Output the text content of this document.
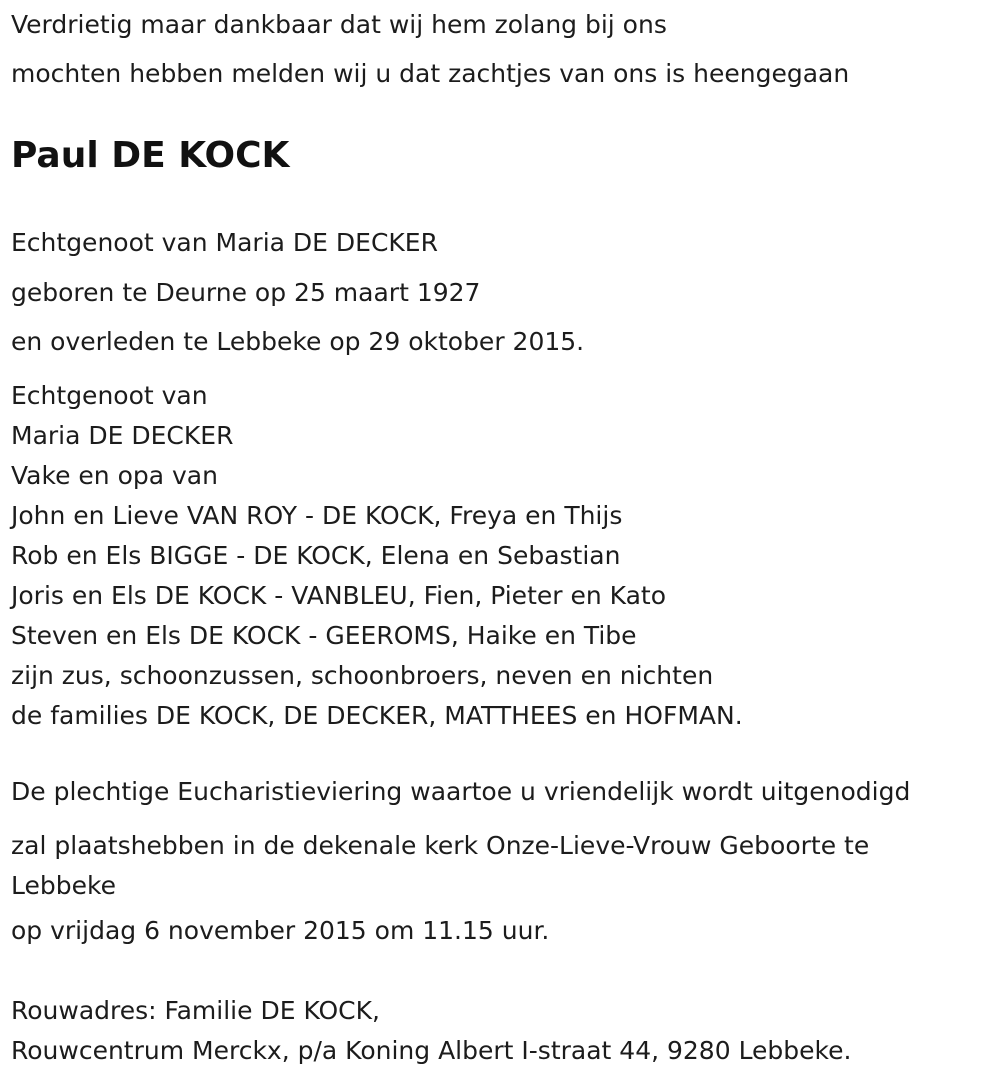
Verdrietig maar dankbaar dat wij hem zolang bij ons

mochten hebben melden wij u dat zachtjes van ons is heengegaan

Paul DE KOCK

Echtgenoot van Maria DE DECKER

geboren te Deurne op 25 maart 1927

en overleden te Lebbeke op 29 oktober 2015.

Echtgenoot van

Maria DE DECKER

Vake en opa van

John en Lieve VAN ROY - DE KOCK, Freya en Thijs

Rob en Els BIGGE - DE KOCK, Elena en Sebastian

Joris en Els DE KOCK - VANBLEU, Fien, Pieter en Kato

Steven en Els DE KOCK - GEEROMS, Haike en Tibe

zijn zus, schoonzussen, schoonbroers, neven en nichten

de families DE KOCK, DE DECKER, MATTHEES en HOFMAN.

De plechtige Eucharistieviering waartoe u vriendelijk wordt uitgenodigd

zal plaatshebben in de dekenale kerk Onze-Lieve-Vrouw Geboorte te Lebbeke

op vrijdag 6 november 2015 om 11.15 uur.

Rouwadres: Familie DE KOCK,

Rouwcentrum Merckx, p/a Koning Albert I-straat 44, 9280 Lebbeke.
